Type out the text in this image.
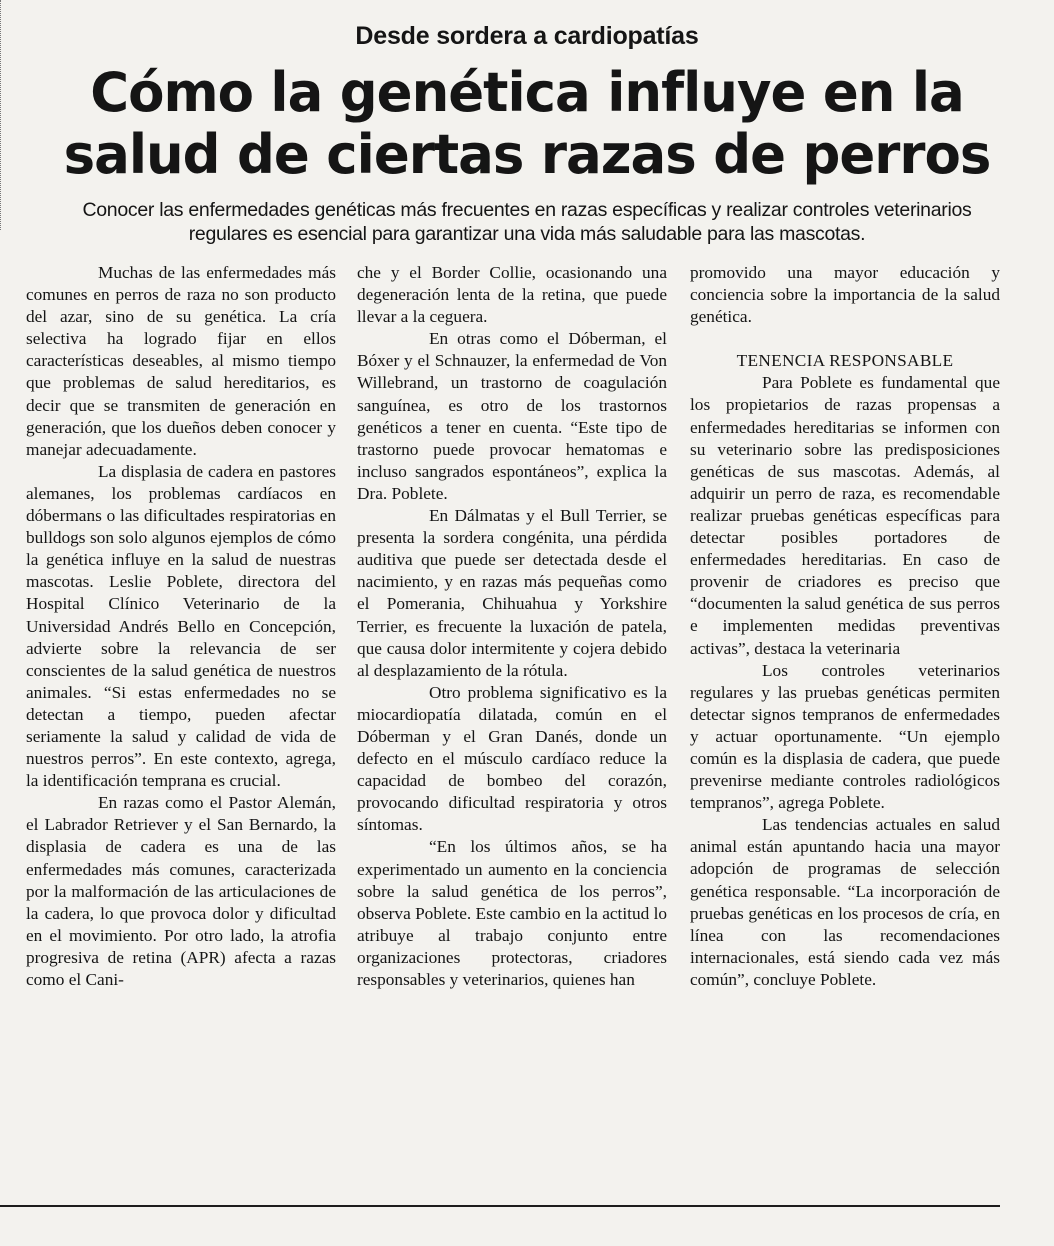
Desde sordera a cardiopatías
Cómo la genética influye en la
salud de ciertas razas de perros
Conocer las enfermedades genéticas más frecuentes en razas específicas y realizar controles veterinarios regulares es esencial para garantizar una vida más saludable para las mascotas.

Muchas de las enfermedades más comunes en perros de raza no son producto del azar, sino de su genética. La cría selectiva ha logrado fijar en ellos características deseables, al mismo tiempo que problemas de salud hereditarios, es decir que se transmiten de generación en generación, que los dueños deben conocer y manejar adecuadamente.

La displasia de cadera en pastores alemanes, los problemas cardíacos en dóbermans o las dificultades respiratorias en bulldogs son solo algunos ejemplos de cómo la genética influye en la salud de nuestras mascotas. Leslie Poblete, directora del Hospital Clínico Veterinario de la Universidad Andrés Bello en Concepción, advierte sobre la relevancia de ser conscientes de la salud genética de nuestros animales. “Si estas enfermedades no se detectan a tiempo, pueden afectar seriamente la salud y calidad de vida de nuestros perros”. En este contexto, agrega, la identificación temprana es crucial.

En razas como el Pastor Alemán, el Labrador Retriever y el San Bernardo, la displasia de cadera es una de las enfermedades más comunes, caracterizada por la malformación de las articulaciones de la cadera, lo que provoca dolor y dificultad en el movimiento. Por otro lado, la atrofia progresiva de retina (APR) afecta a razas como el Cani-

che y el Border Collie, ocasionando una degeneración lenta de la retina, que puede llevar a la ceguera.

En otras como el Dóberman, el Bóxer y el Schnauzer, la enfermedad de Von Willebrand, un trastorno de coagulación sanguínea, es otro de los trastornos genéticos a tener en cuenta. “Este tipo de trastorno puede provocar hematomas e incluso sangrados espontáneos”, explica la Dra. Poblete.

En Dálmatas y el Bull Terrier, se presenta la sordera congénita, una pérdida auditiva que puede ser detectada desde el nacimiento, y en razas más pequeñas como el Pomerania, Chihuahua y Yorkshire Terrier, es frecuente la luxación de patela, que causa dolor intermitente y cojera debido al desplazamiento de la rótula.

Otro problema significativo es la miocardiopatía dilatada, común en el Dóberman y el Gran Danés, donde un defecto en el músculo cardíaco reduce la capacidad de bombeo del corazón, provocando dificultad respiratoria y otros síntomas.

“En los últimos años, se ha experimentado un aumento en la conciencia sobre la salud genética de los perros”, observa Poblete. Este cambio en la actitud lo atribuye al trabajo conjunto entre organizaciones protectoras, criadores responsables y veterinarios, quienes han

promovido una mayor educación y conciencia sobre la importancia de la salud genética.

TENENCIA RESPONSABLE

Para Poblete es fundamental que los propietarios de razas propensas a enfermedades hereditarias se informen con su veterinario sobre las predisposiciones genéticas de sus mascotas. Además, al adquirir un perro de raza, es recomendable realizar pruebas genéticas específicas para detectar posibles portadores de enfermedades hereditarias. En caso de provenir de criadores es preciso que “documenten la salud genética de sus perros e implementen medidas preventivas activas”, destaca la veterinaria

Los controles veterinarios regulares y las pruebas genéticas permiten detectar signos tempranos de enfermedades y actuar oportunamente. “Un ejemplo común es la displasia de cadera, que puede prevenirse mediante controles radiológicos tempranos”, agrega Poblete.

Las tendencias actuales en salud animal están apuntando hacia una mayor adopción de programas de selección genética responsable. “La incorporación de pruebas genéticas en los procesos de cría, en línea con las recomendaciones internacionales, está siendo cada vez más común”, concluye Poblete.
